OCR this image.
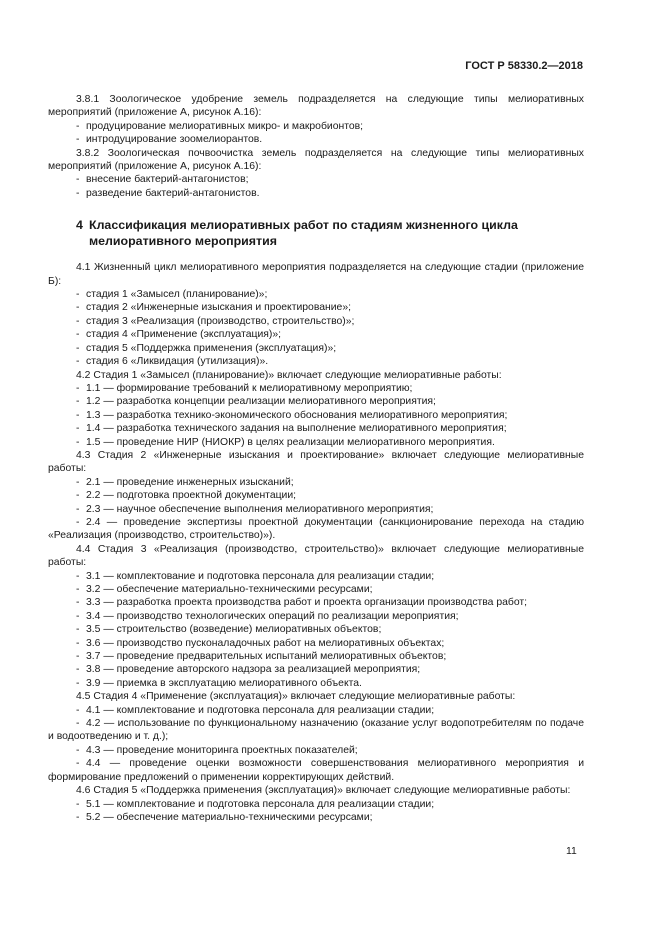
ГОСТ Р 58330.2—2018

3.8.1 Зоологическое удобрение земель подразделяется на следующие типы мелиоративных мероприятий (приложение А, рисунок А.16):

- продуцирование мелиоративных микро- и макробионтов;

- интродуцирование зоомелиорантов.

3.8.2 Зоологическая почвоочистка земель подразделяется на следующие типы мелиоративных мероприятий (приложение А, рисунок А.16):

- внесение бактерий-антагонистов;

- разведение бактерий-антагонистов.

4 Классификация мелиоративных работ по стадиям жизненного цикла мелиоративного мероприятия

4.1 Жизненный цикл мелиоративного мероприятия подразделяется на следующие стадии (приложение Б):

- стадия 1 «Замысел (планирование)»;

- стадия 2 «Инженерные изыскания и проектирование»;

- стадия 3 «Реализация (производство, строительство)»;

- стадия 4 «Применение (эксплуатация)»;

- стадия 5 «Поддержка применения (эксплуатация)»;

- стадия 6 «Ликвидация (утилизация)».

4.2 Стадия 1 «Замысел (планирование)» включает следующие мелиоративные работы:

- 1.1 — формирование требований к мелиоративному мероприятию;

- 1.2 — разработка концепции реализации мелиоративного мероприятия;

- 1.3 — разработка технико-экономического обоснования мелиоративного мероприятия;

- 1.4 — разработка технического задания на выполнение мелиоративного мероприятия;

- 1.5 — проведение НИР (НИОКР) в целях реализации мелиоративного мероприятия.

4.3 Стадия 2 «Инженерные изыскания и проектирование» включает следующие мелиоративные работы:

- 2.1 — проведение инженерных изысканий;

- 2.2 — подготовка проектной документации;

- 2.3 — научное обеспечение выполнения мелиоративного мероприятия;

- 2.4 — проведение экспертизы проектной документации (санкционирование перехода на стадию «Реализация (производство, строительство)»).

4.4 Стадия 3 «Реализация (производство, строительство)» включает следующие мелиоративные работы:

- 3.1 — комплектование и подготовка персонала для реализации стадии;

- 3.2 — обеспечение материально-техническими ресурсами;

- 3.3 — разработка проекта производства работ и проекта организации производства работ;

- 3.4 — производство технологических операций по реализации мероприятия;

- 3.5 — строительство (возведение) мелиоративных объектов;

- 3.6 — производство пусконаладочных работ на мелиоративных объектах;

- 3.7 — проведение предварительных испытаний мелиоративных объектов;

- 3.8 — проведение авторского надзора за реализацией мероприятия;

- 3.9 — приемка в эксплуатацию мелиоративного объекта.

4.5 Стадия 4 «Применение (эксплуатация)» включает следующие мелиоративные работы:

- 4.1 — комплектование и подготовка персонала для реализации стадии;

- 4.2 — использование по функциональному назначению (оказание услуг водопотребителям по подаче и водоотведению и т. д.);

- 4.3 — проведение мониторинга проектных показателей;

- 4.4 — проведение оценки возможности совершенствования мелиоративного мероприятия и формирование предложений о применении корректирующих действий.

4.6 Стадия 5 «Поддержка применения (эксплуатация)» включает следующие мелиоративные работы:

- 5.1 — комплектование и подготовка персонала для реализации стадии;

- 5.2 — обеспечение материально-техническими ресурсами;

11
